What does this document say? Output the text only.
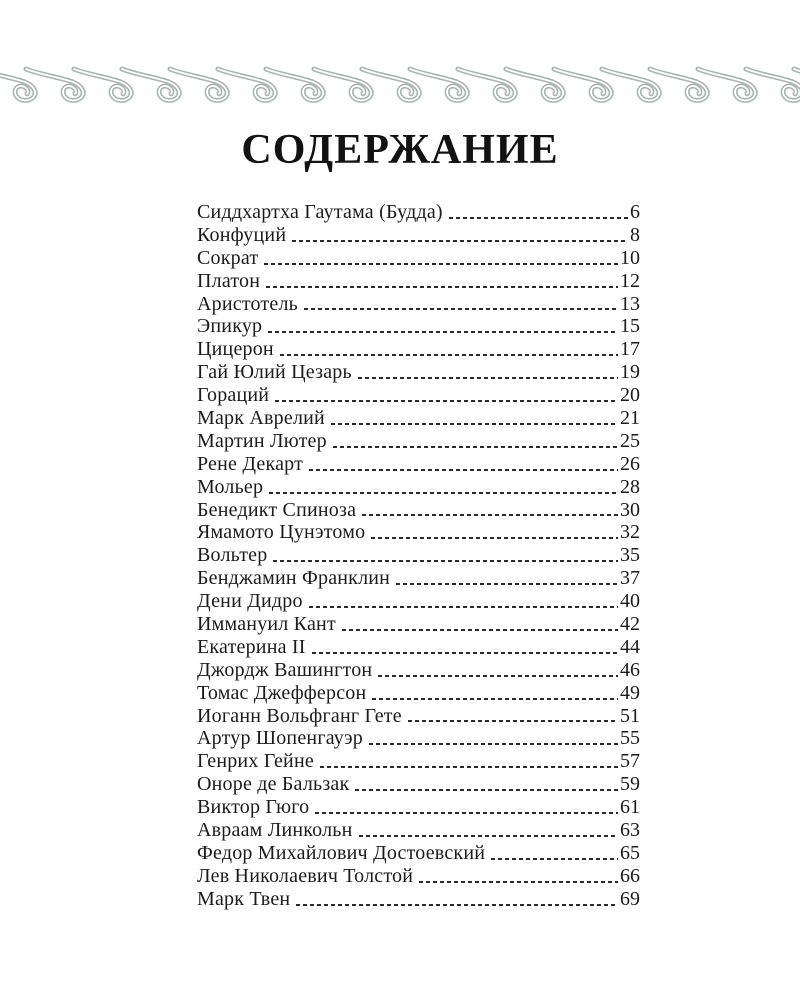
СОДЕРЖАНИЕ
Сиддхартха Гаутама (Будда)	6
Конфуций	8
Сократ	10
Платон	12
Аристотель	13
Эпикур	15
Цицерон	17
Гай Юлий Цезарь	19
Гораций	20
Марк Аврелий	21
Мартин Лютер	25
Рене Декарт	26
Мольер	28
Бенедикт Спиноза	30
Ямамото Цунэтомо	32
Вольтер	35
Бенджамин Франклин	37
Дени Дидро	40
Иммануил Кант	42
Екатерина II	44
Джордж Вашингтон	46
Томас Джефферсон	49
Иоганн Вольфганг Гете	51
Артур Шопенгауэр	55
Генрих Гейне	57
Оноре де Бальзак	59
Виктор Гюго	61
Авраам Линкольн	63
Федор Михайлович Достоевский	65
Лев Николаевич Толстой	66
Марк Твен	69
